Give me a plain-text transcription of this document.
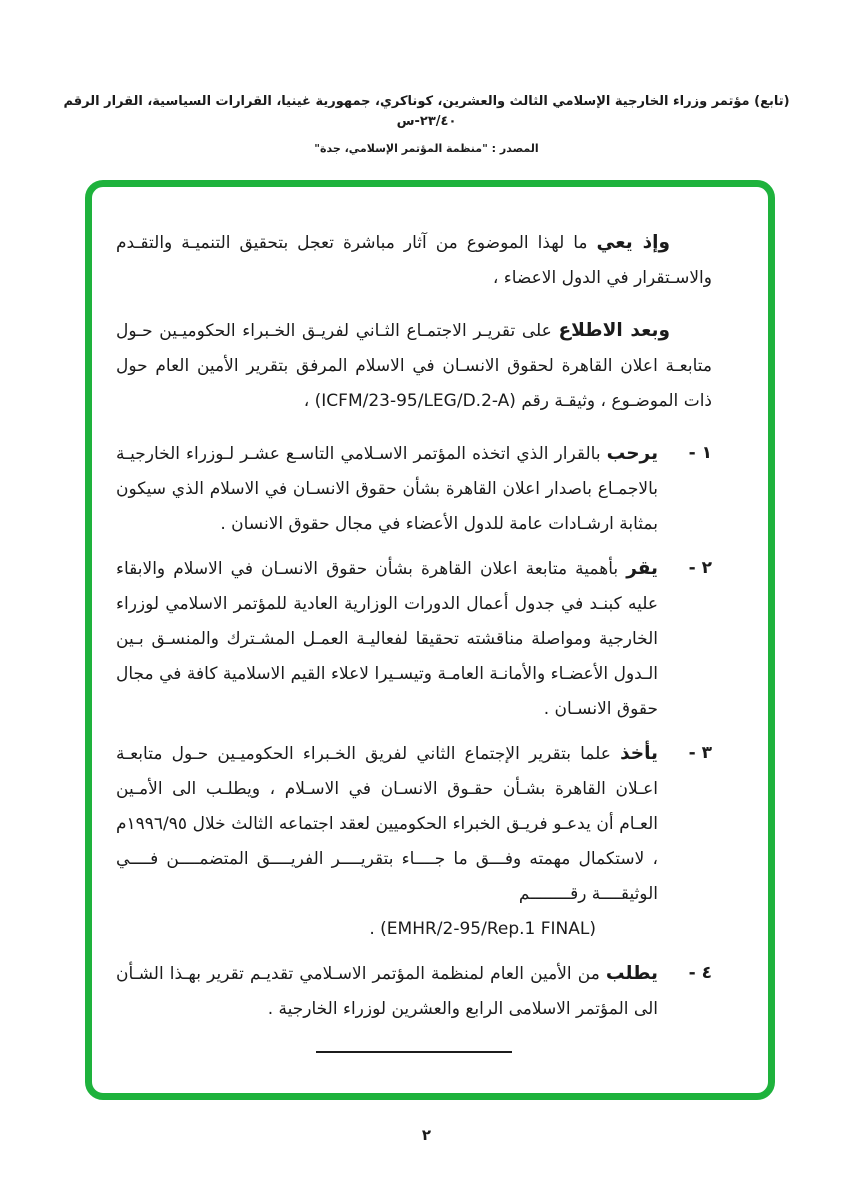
(تابع) مؤتمر وزراء الخارجية الإسلامي الثالث والعشرين، كوناكري، جمهورية غينيا، القرارات السياسية، القرار الرقم ٢٣/٤٠-س
المصدر : "منظمة المؤتمر الإسلامي، جدة"

وإذ يعي ما لهذا الموضوع من آثار مباشرة تعجل بتحقيق التنميـة والتقـدم والاسـتقرار في الدول الاعضاء ،

وبعد الاطلاع على تقريـر الاجتمـاع الثـاني لفريـق الخـبراء الحكوميـين حـول متابعـة اعلان القاهرة لحقوق الانسـان في الاسلام المرفق بتقرير الأمين العام حول ذات الموضـوع ، وثيقـة رقم (ICFM/23-95/LEG/D.2-A) ،

١ -

يرحب بالقرار الذي اتخذه المؤتمر الاسـلامي التاسـع عشـر لـوزراء الخارجيـة بالاجمـاع باصدار اعلان القاهرة بشأن حقوق الانسـان في الاسلام الذي سيكون بمثابة ارشـادات عامة للدول الأعضاء في مجال حقوق الانسان .

٢ -

يقر بأهمية متابعة اعلان القاهرة بشأن حقوق الانسـان في الاسلام والابقاء عليه كبنـد في جدول أعمال الدورات الوزارية العادية للمؤتمر الاسلامي لوزراء الخارجية ومواصلة مناقشته تحقيقا لفعاليـة العمـل المشـترك والمنسـق بـين الـدول الأعضـاء والأمانـة العامـة وتيسـيرا لاعلاء القيم الاسلامية كافة في مجال حقوق الانسـان .

٣ -

يأخذ علما بتقرير الإجتماع الثاني لفريق الخـبراء الحكوميـين حـول متابعـة اعـلان القاهرة بشـأن حقـوق الانسـان في الاسـلام ، ويطلـب الى الأمـين العـام أن يدعـو فريـق الخبراء الحكوميين لعقد اجتماعه الثالث خلال ١٩٩٦/٩٥م ، لاستكمال مهمته وفـــق ما جــــاء بتقريــــر الفريــــق المتضمــــن فــــي الوثيقــــة رقــــــــم

(EMHR/2-95/Rep.1 FINAL) .
٤ -

يطلب من الأمين العام لمنظمة المؤتمر الاسـلامي تقديـم تقرير بهـذا الشـأن الى المؤتمر الاسلامى الرابع والعشرين لوزراء الخارجية .

٢
